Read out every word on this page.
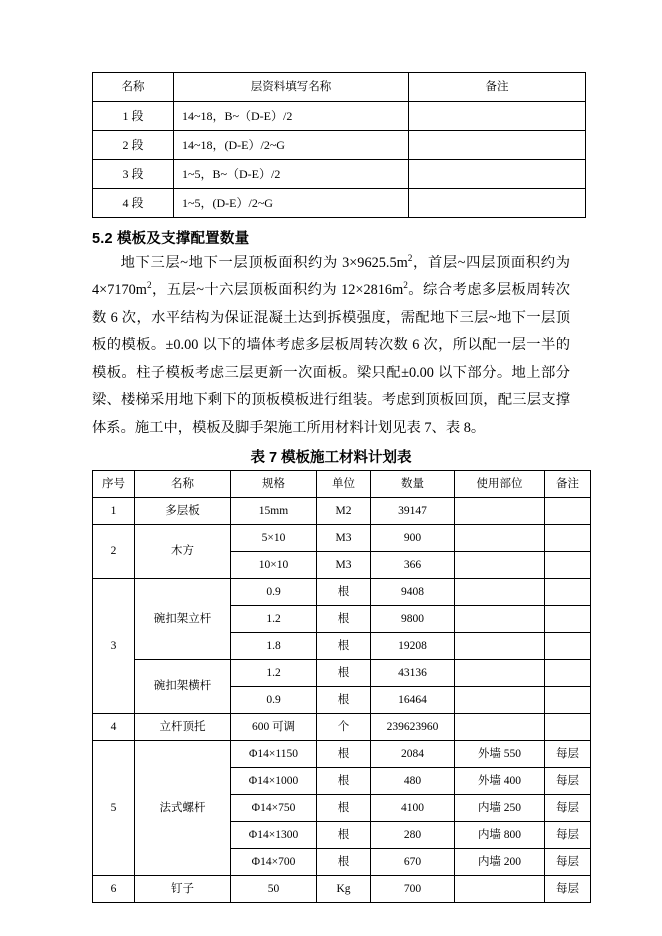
名称	层资料填写名称	备注
1 段	14~18，B~（D-E）/2	
2 段	14~18，(D-E）/2~G	
3 段	1~5，B~（D-E）/2	
4 段	1~5，(D-E）/2~G	
5.2 模板及支撑配置数量

地下三层~地下一层顶板面积约为 $3\times 9625.5m^2$，首层~四层顶面积约为 $4\times 7170m^2$，五层~十六层顶板面积约为 $12\times 2816m^2$。综合考虑多层板周转次数 6 次，水平结构为保证混凝土达到拆模强度，需配地下三层~地下一层顶板的模板。±0.00 以下的墙体考虑多层板周转次数 6 次，所以配一层一半的模板。柱子模板考虑三层更新一次面板。梁只配±0.00 以下部分。地上部分梁、楼梯采用地下剩下的顶板模板进行组装。考虑到顶板回顶，配三层支撑体系。施工中，模板及脚手架施工所用材料计划见表 7、表 8。

表 7 模板施工材料计划表
序号	名称	规格	单位	数量	使用部位	备注
1	多层板	15mm	M2	39147		
2	木方	5×10	M3	900		
		10×10	M3	366		
3	碗扣架立杆	0.9	根	9408		
		1.2	根	9800		
		1.8	根	19208		
	碗扣架横杆	1.2	根	43136		
		0.9	根	16464		
4	立杆顶托	600 可调	个	239623960		
5	法式螺杆	Φ14×1150	根	2084	外墙 550	每层
		Φ14×1000	根	480	外墙 400	每层
		Φ14×750	根	4100	内墙 250	每层
		Φ14×1300	根	280	内墙 800	每层
		Φ14×700	根	670	内墙 200	每层
6	钉子	50	Kg	700		每层
